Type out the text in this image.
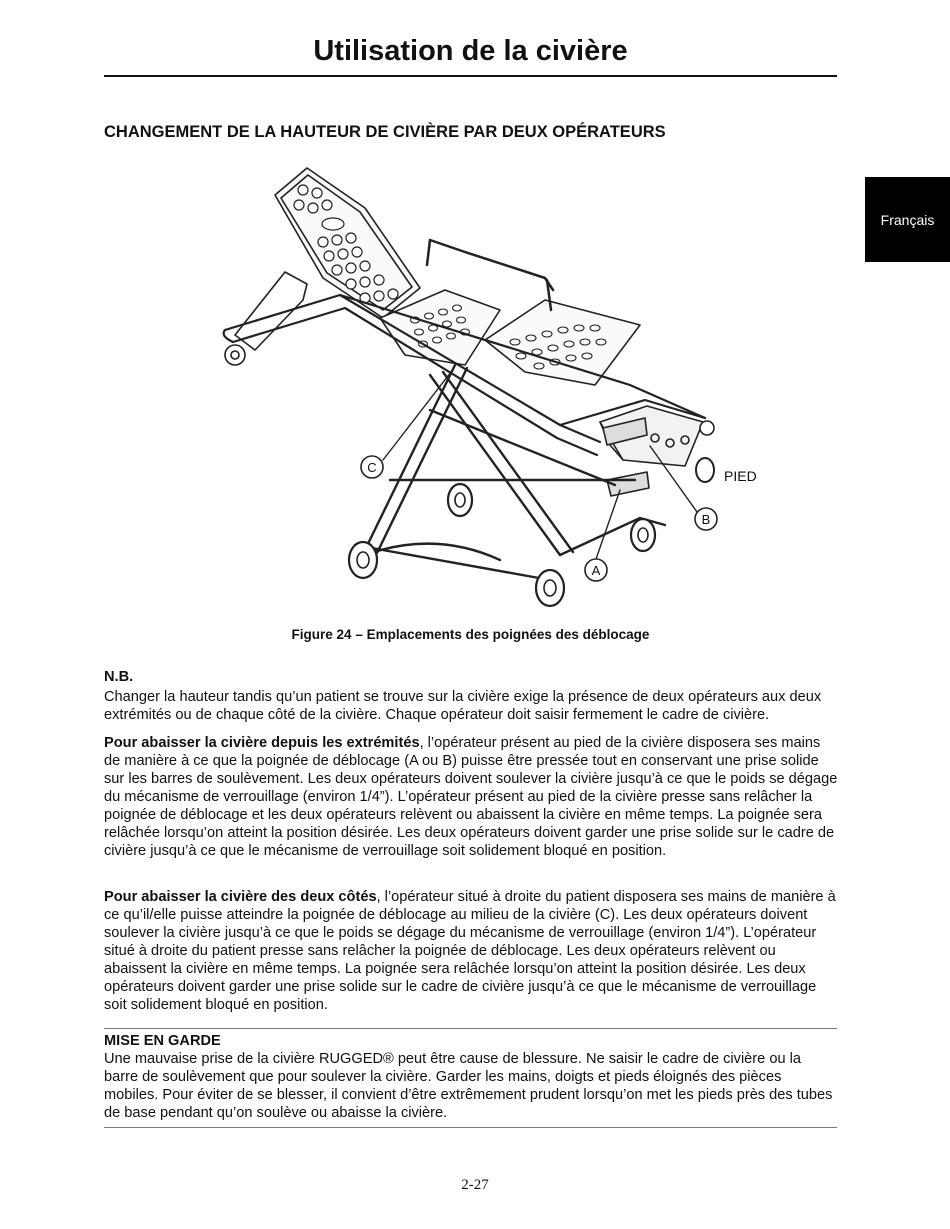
Utilisation de la civière
CHANGEMENT DE LA HAUTEUR DE CIVIÈRE PAR DEUX OPÉRATEURS
Français
C
B
A
PIED
Figure 24 – Emplacements des poignées des déblocage
N.B.

Changer la hauteur tandis qu’un patient se trouve sur la civière exige la présence de deux opérateurs aux deux extrémités ou de chaque côté de la civière. Chaque opérateur doit saisir fermement le cadre de civière.

Pour abaisser la civière depuis les extrémités, l’opérateur présent au pied de la civière disposera ses mains de manière à ce que la poignée de déblocage (A ou B) puisse être pressée tout en conservant une prise solide sur les barres de soulèvement. Les deux opérateurs doivent soulever la civière jusqu’à ce que le poids se dégage du mécanisme de verrouillage (environ 1/4”). L’opérateur présent au pied de la civière presse sans relâcher la poignée de déblocage et les deux opérateurs relèvent ou abaissent la civière en même temps. La poignée sera relâchée lorsqu’on atteint la position désirée. Les deux opérateurs doivent garder une prise solide sur le cadre de civière jusqu’à ce que le mécanisme de verrouillage soit solidement bloqué en position.

Pour abaisser la civière des deux côtés, l’opérateur situé à droite du patient disposera ses mains de manière à ce qu’il/elle puisse atteindre la poignée de déblocage au milieu de la civière (C). Les deux opérateurs doivent soulever la civière jusqu’à ce que le poids se dégage du mécanisme de verrouillage (environ 1/4”). L’opérateur situé à droite du patient presse sans relâcher la poignée de déblocage. Les deux opérateurs relèvent ou abaissent la civière en même temps. La poignée sera relâchée lorsqu’on atteint la position désirée. Les deux opérateurs doivent garder une prise solide sur le cadre de civière jusqu’à ce que le mécanisme de verrouillage soit solidement bloqué en position.

MISE EN GARDE

Une mauvaise prise de la civière RUGGED® peut être cause de blessure. Ne saisir le cadre de civière ou la barre de soulèvement que pour soulever la civière. Garder les mains, doigts et pieds éloignés des pièces mobiles. Pour éviter de se blesser, il convient d’être extrêmement prudent lorsqu’on met les pieds près des tubes de base pendant qu’on soulève ou abaisse la civière.

2-27
